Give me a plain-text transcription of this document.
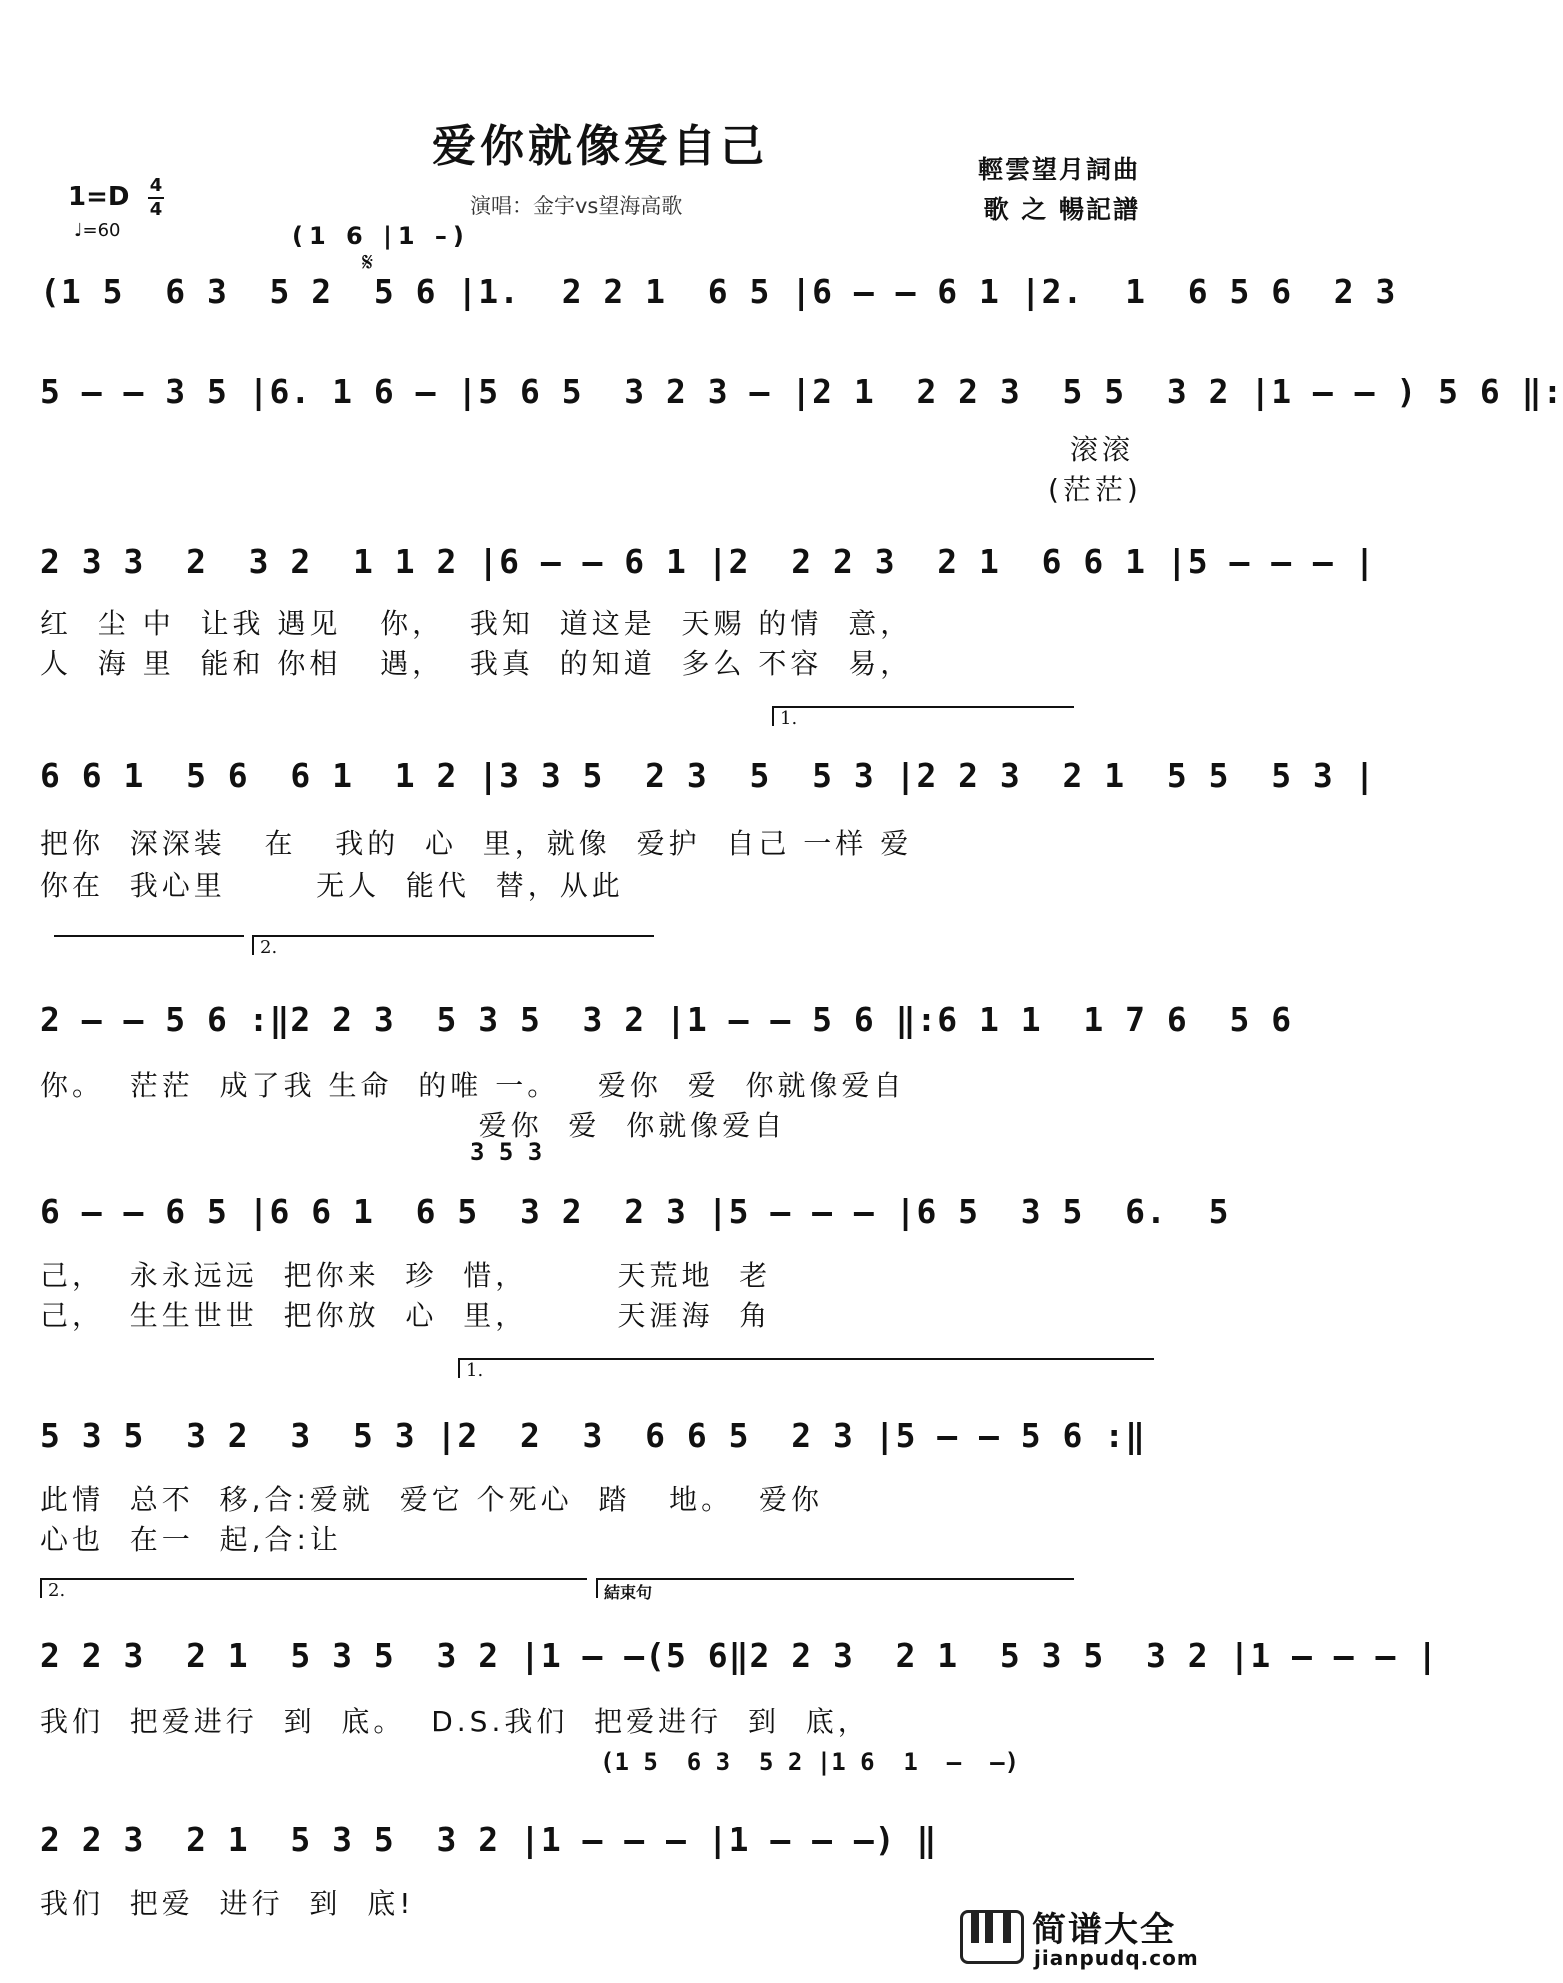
爱你就像爱自己
演唱：金宇vs望海高歌
輕雲望月詞曲
歌 之 暢記譜
1=D 4
4
♩=60	(1 6 |1 –)
𝄋
(1 5  6 3  5 2  5 6 |1.  2 2 1  6 5 |6 – – 6 1 |2.  1  6 5 6  2 3
5 – – 3 5 |6. 1 6 – |5 6 5  3 2 3 – |2 1  2 2 3  5 5  3 2 |1 – – ) 5 6 ‖:
滚滚
(茫茫)
2 3 3  2  3 2  1 1 2 |6 – – 6 1 |2  2 2 3  2 1  6 6 1 |5 – – – |
红  尘 中  让我 遇见   你，  我知  道这是  天赐 的情  意，
人  海 里  能和 你相   遇，  我真  的知道  多么 不容  易，
1.
6 6 1  5 6  6 1  1 2 |3 3 5  2 3  5  5 3 |2 2 3  2 1  5 5  5 3 |
把你  深深装   在   我的  心  里，就像  爱护  自己 一样 爱
你在  我心里       无人  能代  替，从此
2.
2 – – 5 6 :‖2 2 3  5 3 5  3 2 |1 – – 5 6 ‖:6 1 1  1 7 6  5 6
你。  茫茫  成了我 生命  的唯 一。   爱你  爱  你就像爱自
爱你  爱  你就像爱自
3 5 3
6 – – 6 5 |6 6 1  6 5  3 2  2 3 |5 – – – |6 5  3 5  6.  5
己，  永永远远  把你来  珍  惜，       天荒地  老
己，  生生世世  把你放  心  里，       天涯海  角
1.
5 3 5  3 2  3  5 3 |2  2  3  6 6 5  2 3 |5 – – 5 6 :‖
此情  总不  移,合:爱就  爱它 个死心  踏   地。  爱你
心也  在一  起,合:让
2.	結束句
2 2 3  2 1  5 3 5  3 2 |1 – –(5 6‖2 2 3  2 1  5 3 5  3 2 |1 – – – |
我们  把爱进行  到  底。  D.S.我们  把爱进行  到  底，
(1 5  6 3  5 2 |1 6  1  –  –)
2 2 3  2 1  5 3 5  3 2 |1 – – – |1 – – –) ‖
我们  把爱  进行  到  底!
简谱大全
jianpudq.com
